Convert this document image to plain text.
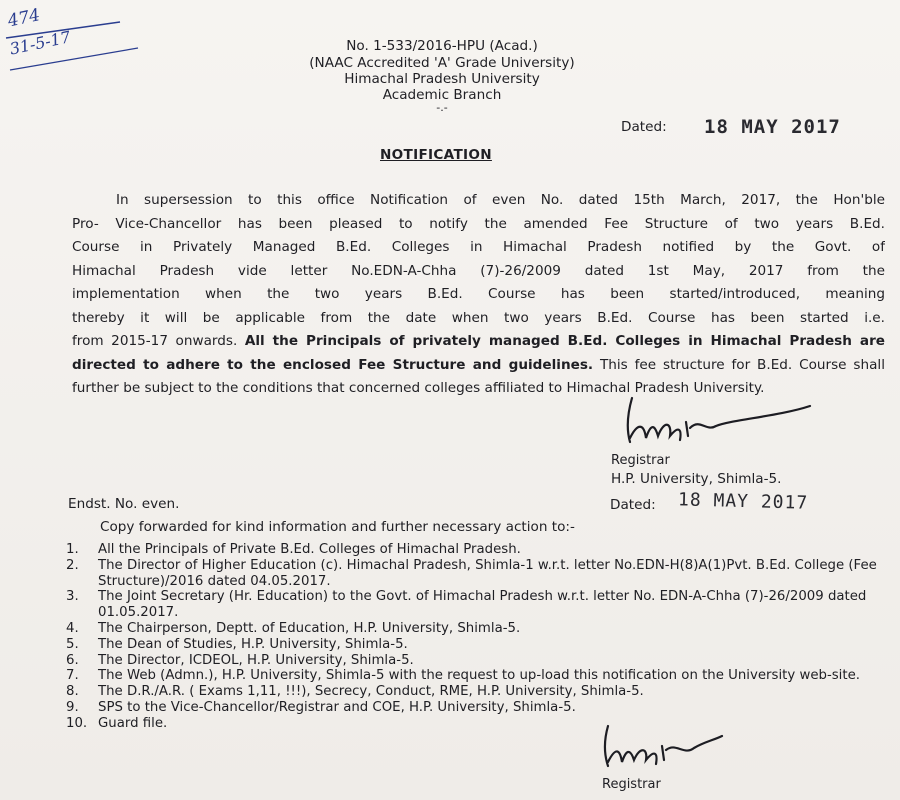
474
31-5-17	No. 1-533/2016-HPU (Acad.)
(NAAC Accredited 'A' Grade University)
Himachal Pradesh University
Academic Branch
-.-
Dated: 18 MAY 2017
NOTIFICATION
In supersession to this office Notification of even No. dated 15th March, 2017, the Hon'ble
Pro- Vice-Chancellor has been pleased to notify the amended Fee Structure of two years B.Ed.
Course in Privately Managed B.Ed. Colleges in Himachal Pradesh notified by the Govt. of
Himachal Pradesh vide letter No.EDN-A-Chha (7)-26/2009 dated 1st May, 2017 from the
implementation when the two years B.Ed. Course has been started/introduced, meaning
thereby it will be applicable from the date when two years B.Ed. Course has been started i.e.
from 2015-17 onwards. All the Principals of privately managed B.Ed. Colleges in Himachal Pradesh are directed to adhere to the enclosed Fee Structure and guidelines. This fee structure for B.Ed. Course shall further be subject to the conditions that concerned colleges affiliated to Himachal Pradesh University.
Registrar
H.P. University, Shimla-5.
Endst. No. even.	Dated: 18 MAY 2017
Copy forwarded for kind information and further necessary action to:-
1. All the Principals of Private B.Ed. Colleges of Himachal Pradesh.
2. The Director of Higher Education (c). Himachal Pradesh, Shimla-1 w.r.t. letter No.EDN-H(8)A(1)Pvt. B.Ed. College (Fee Structure)/2016 dated 04.05.2017.
3. The Joint Secretary (Hr. Education) to the Govt. of Himachal Pradesh w.r.t. letter No. EDN-A-Chha (7)-26/2009 dated 01.05.2017.
4. The Chairperson, Deptt. of Education, H.P. University, Shimla-5.
5. The Dean of Studies, H.P. University, Shimla-5.
6. The Director, ICDEOL, H.P. University, Shimla-5.
7. The Web (Admn.), H.P. University, Shimla-5 with the request to up-load this notification on the University web-site.
8. The D.R./A.R. ( Exams 1,11, !!!), Secrecy, Conduct, RME, H.P. University, Shimla-5.
9. SPS to the Vice-Chancellor/Registrar and COE, H.P. University, Shimla-5.
10. Guard file.
Registrar
